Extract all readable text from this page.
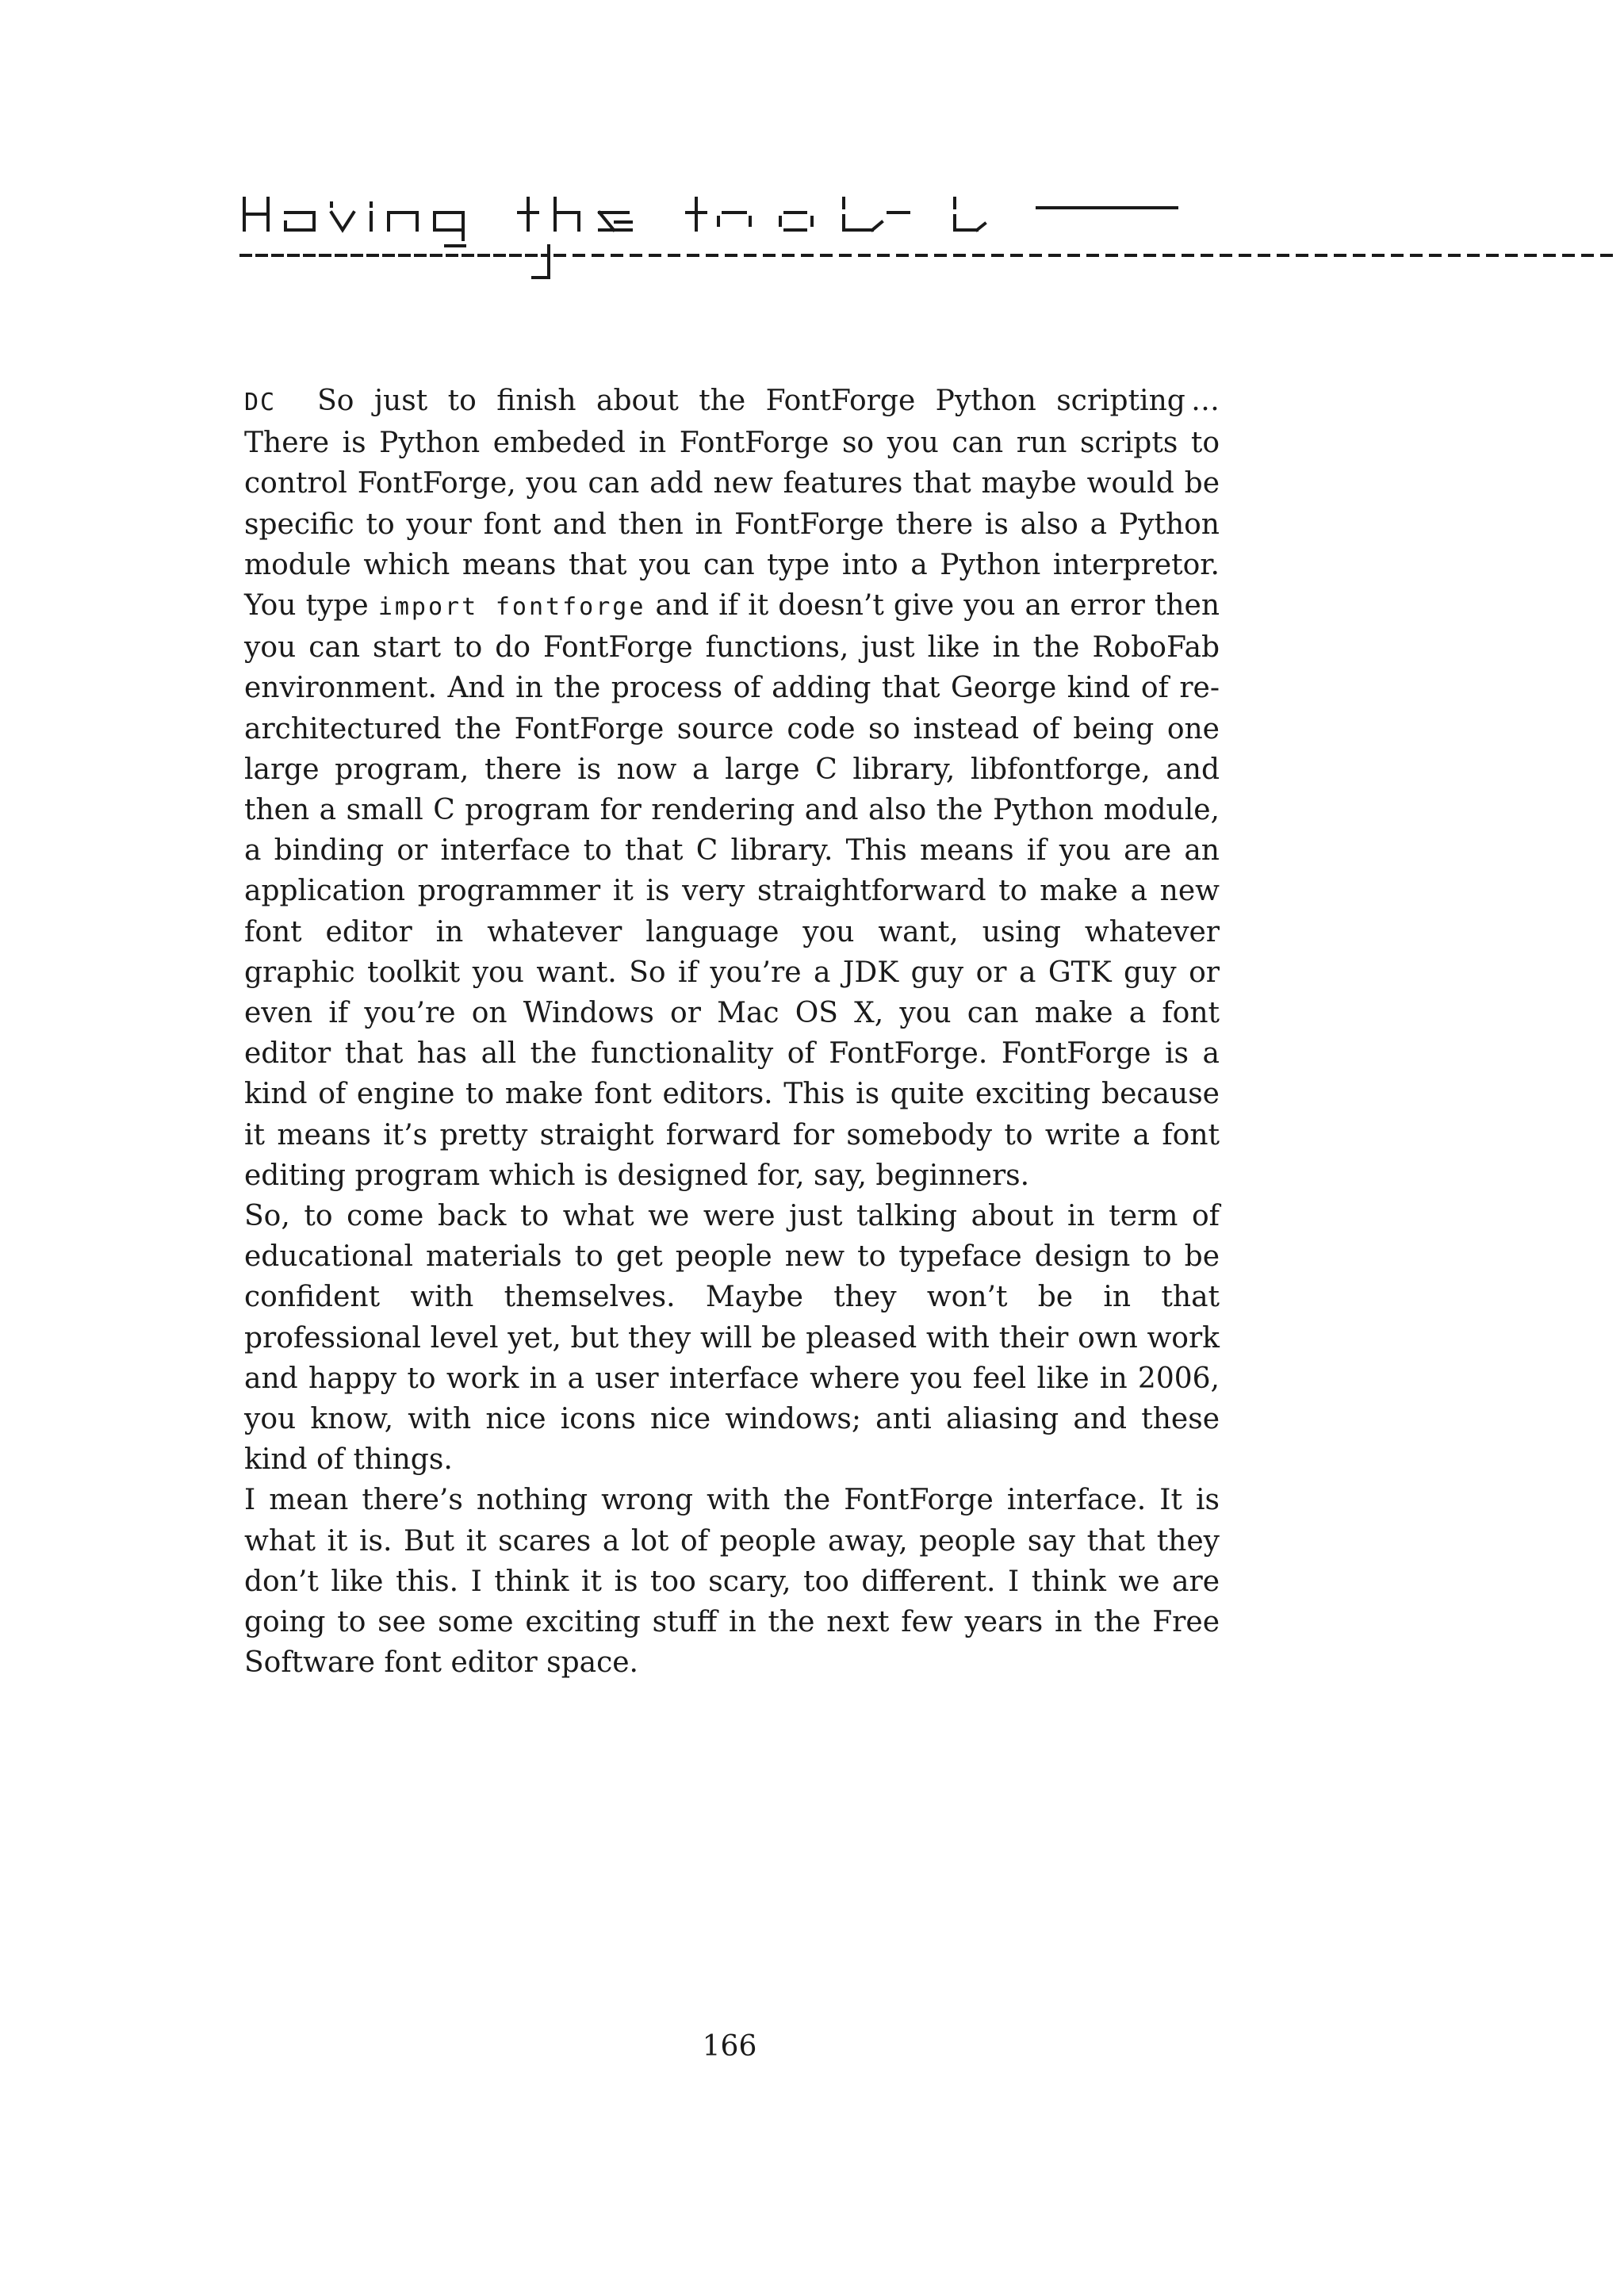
DC So just to finish about the FontForge Python scripting … There is Python embeded in FontForge so you can run scripts to control FontForge, you can add new features that maybe would be specific to your font and then in FontForge there is also a Python module which means that you can type into a Python interpretor. You type import fontforge and if it doesn’t give you an error then you can start to do FontForge functions, just like in the RoboFab environment. And in the process of adding that George kind of re-architectured the FontForge source code so instead of being one large program, there is now a large C library, libfontforge, and then a small C program for rendering and also the Python module, a binding or interface to that C library. This means if you are an application programmer it is very straightforward to make a new font editor in whatever language you want, using whatever graphic toolkit you want. So if you’re a JDK guy or a GTK guy or even if you’re on Windows or Mac OS X, you can make a font editor that has all the functionality of FontForge. FontForge is a kind of engine to make font editors. This is quite exciting because it means it’s pretty straight forward for somebody to write a font editing program which is designed for, say, beginners.

So, to come back to what we were just talking about in term of educational materials to get people new to typeface design to be confident with themselves. Maybe they won’t be in that professional level yet, but they will be pleased with their own work and happy to work in a user interface where you feel like in 2006, you know, with nice icons nice windows; anti aliasing and these kind of things.

I mean there’s nothing wrong with the FontForge interface. It is what it is. But it scares a lot of people away, people say that they don’t like this. I think it is too scary, too different. I think we are going to see some exciting stuff in the next few years in the Free Software font editor space.

166
